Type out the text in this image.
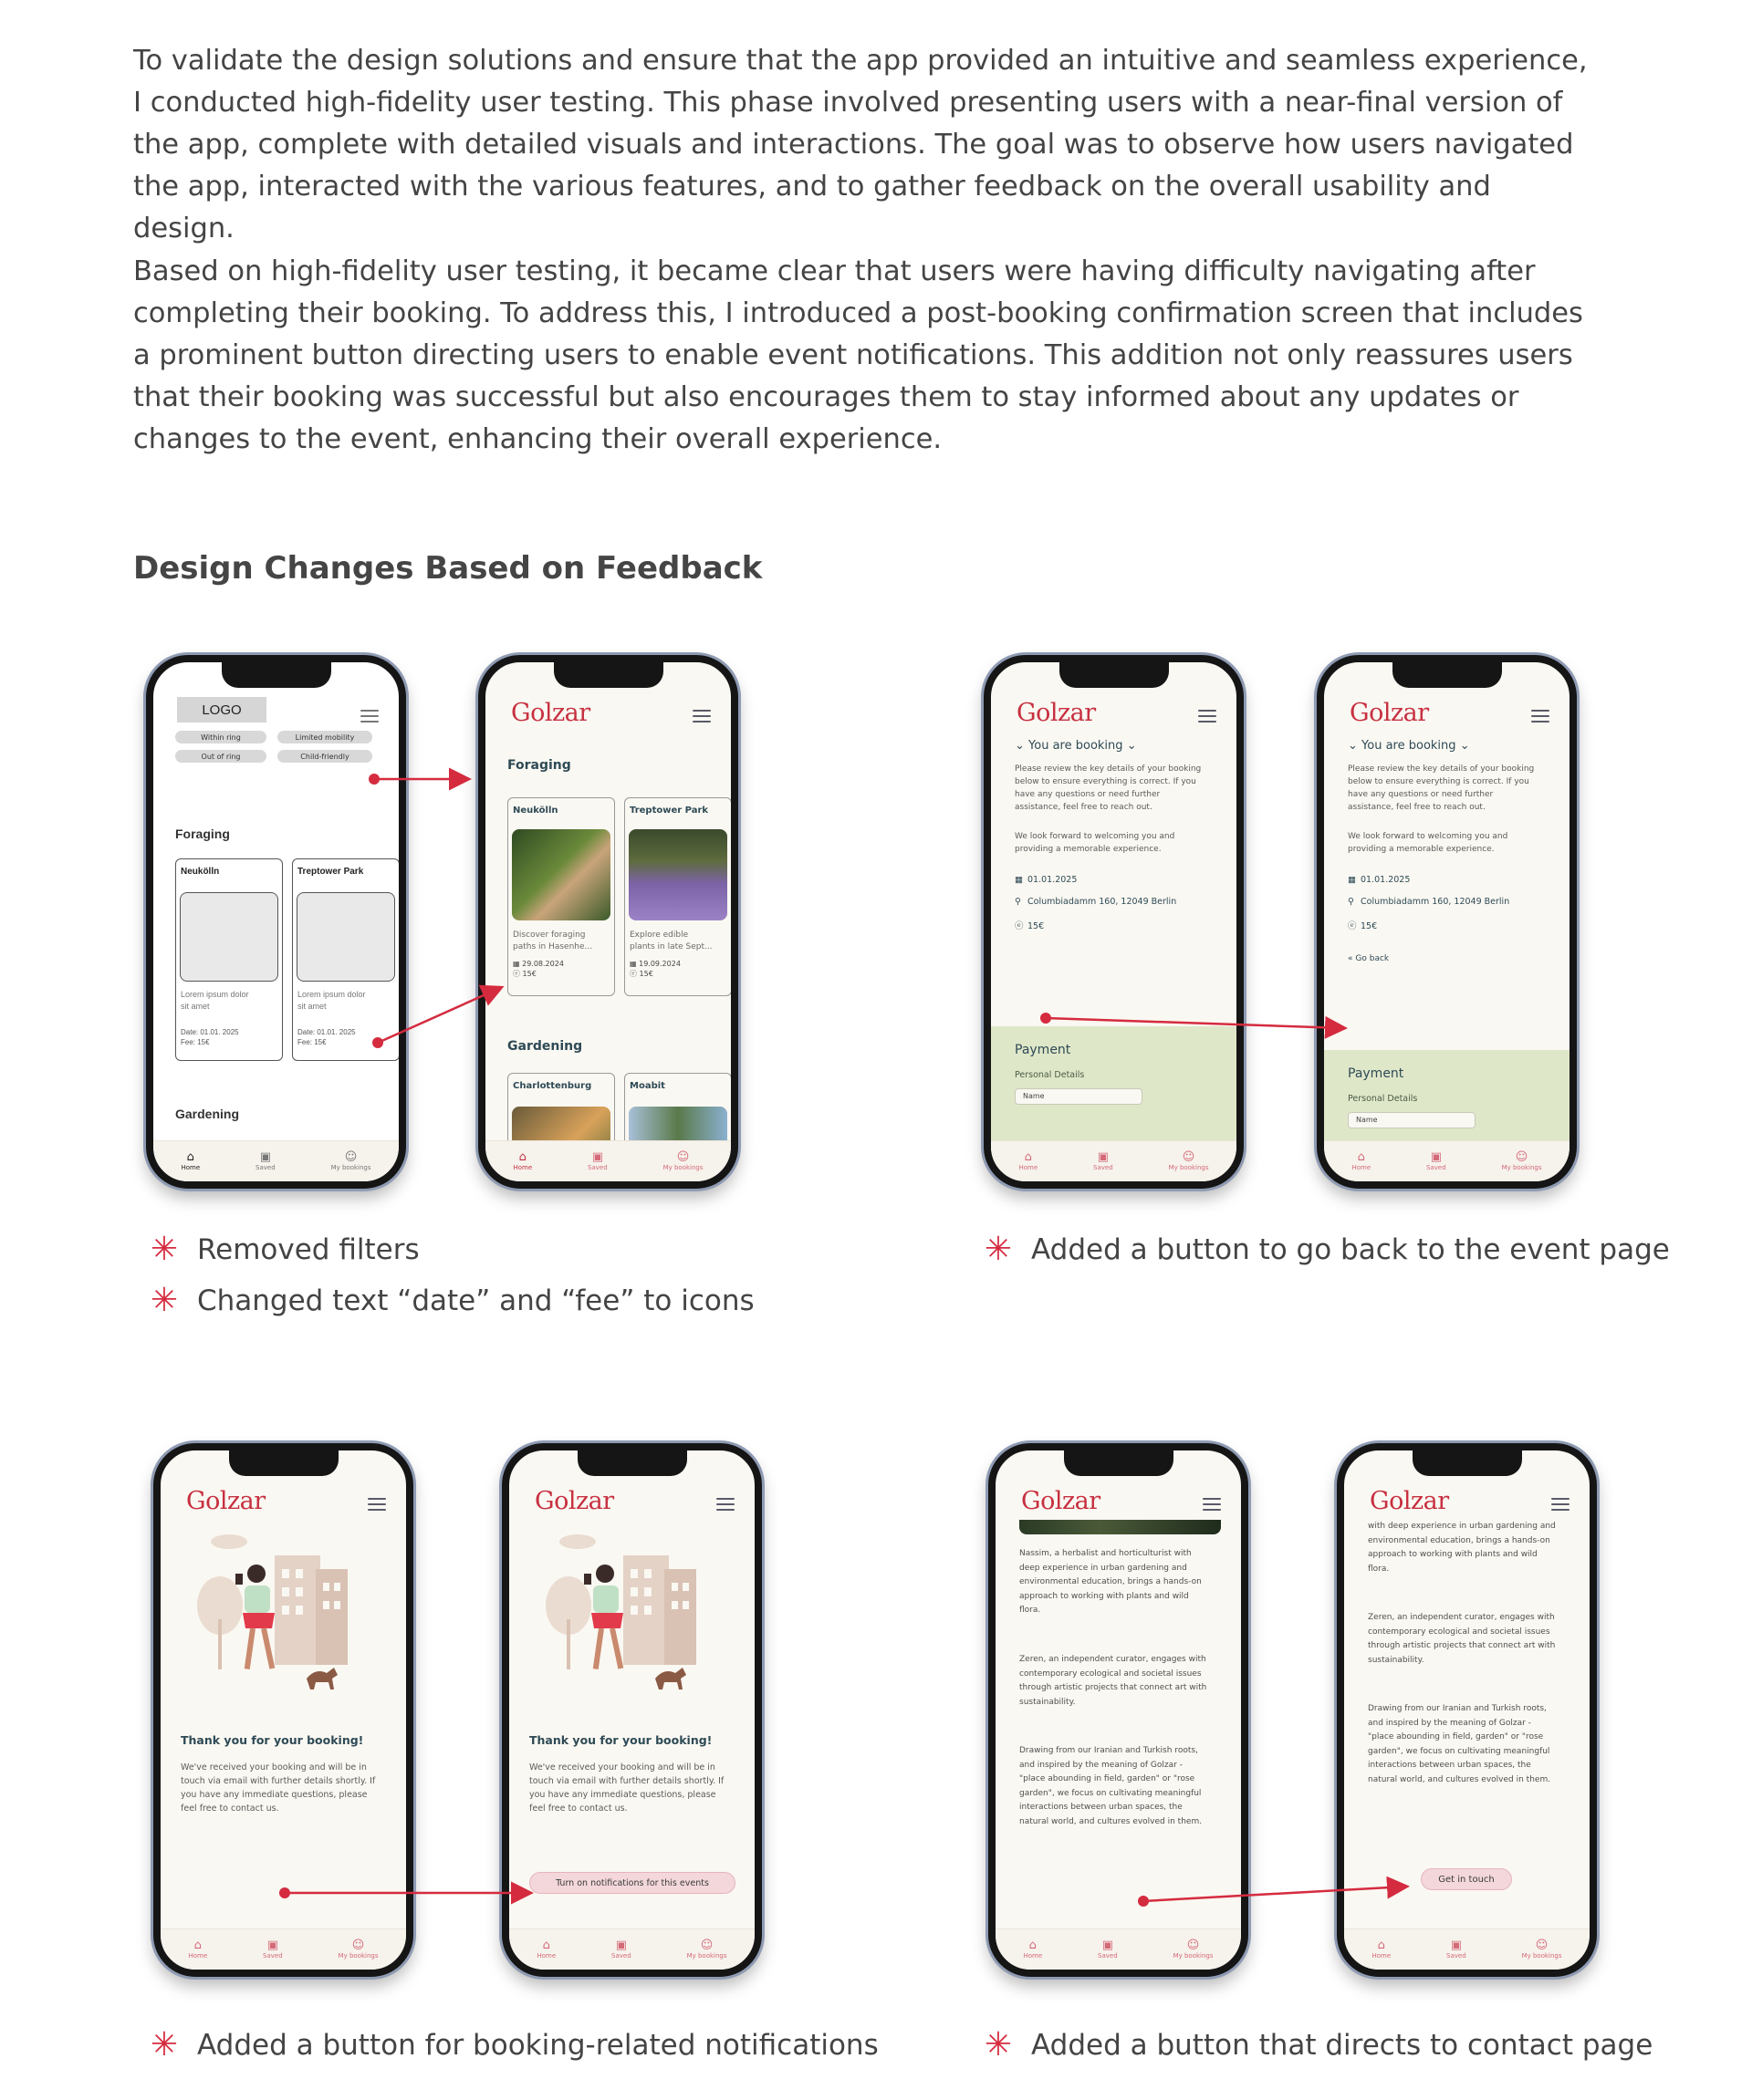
To validate the design solutions and ensure that the app provided an intuitive and seamless experience, I conducted high-fidelity user testing. This phase involved presenting users with a near-final version of the app, complete with detailed visuals and interactions. The goal was to observe how users navigated the app, interacted with the various features, and to gather feedback on the overall usability and design.

Based on high-fidelity user testing, it became clear that users were having difficulty navigating after completing their booking. To address this, I introduced a post-booking confirmation screen that includes a prominent button directing users to enable event notifications. This addition not only reassures users that their booking was successful but also encourages them to stay informed about any updates or changes to the event, enhancing their overall experience.

Design Changes Based on Feedback
LOGO
Within ring	Limited mobility
Out of ring	Child-friendly
Foraging
Neukölln
Lorem ipsum dolor
sit amet
Date: 01.01. 2025
Fee: 15€
Treptower Park
Lorem ipsum dolor
sit amet
Date: 01.01. 2025
Fee: 15€
Gardening
⌂
Home
▣
Saved
☺
My bookings
Golzar
Foraging
Neukölln
Discover foraging
paths in Hasenhe...
▦ 29.08.2024
ⓔ 15€
Treptower Park
Explore edible
plants in late Sept...
▦ 19.09.2024
ⓔ 15€
Gardening
Charlottenburg	Moabit
⌂
Home
▣
Saved
☺
My bookings
Golzar
⌄ You are booking ⌄

Please review the key details of your booking below to ensure everything is correct. If you have any questions or need further assistance, feel free to reach out.

We look forward to welcoming you and providing a memorable experience.

▦ 01.01.2025
⚲ Columbiadamm 160, 12049 Berlin
ⓔ 15€
Payment
Personal Details
Name
⌂
Home
▣
Saved
☺
My bookings
Golzar
⌄ You are booking ⌄

Please review the key details of your booking below to ensure everything is correct. If you have any questions or need further assistance, feel free to reach out.

We look forward to welcoming you and providing a memorable experience.

▦ 01.01.2025
⚲ Columbiadamm 160, 12049 Berlin
ⓔ 15€
« Go back
Payment
Personal Details
Name
⌂
Home
▣
Saved
☺
My bookings
Golzar
Thank you for your booking!

We've received your booking and will be in touch via email with further details shortly. If you have any immediate questions, please feel free to contact us.

⌂
Home
▣
Saved
☺
My bookings
Golzar
Thank you for your booking!

We've received your booking and will be in touch via email with further details shortly. If you have any immediate questions, please feel free to contact us.

Turn on notifications for this events
⌂
Home
▣
Saved
☺
My bookings
Golzar

Nassim, a herbalist and horticulturist with deep experience in urban gardening and environmental education, brings a hands-on approach to working with plants and wild flora.

Zeren, an independent curator, engages with contemporary ecological and societal issues through artistic projects that connect art with sustainability.

Drawing from our Iranian and Turkish roots, and inspired by the meaning of Golzar - "place abounding in field, garden" or "rose garden", we focus on cultivating meaningful interactions between urban spaces, the natural world, and cultures evolved in them.

⌂
Home
▣
Saved
☺
My bookings
Golzar

with deep experience in urban gardening and environmental education, brings a hands-on approach to working with plants and wild flora.

Zeren, an independent curator, engages with contemporary ecological and societal issues through artistic projects that connect art with sustainability.

Drawing from our Iranian and Turkish roots, and inspired by the meaning of Golzar - "place abounding in field, garden" or "rose garden", we focus on cultivating meaningful interactions between urban spaces, the natural world, and cultures evolved in them.

Get in touch
⌂
Home
▣
Saved
☺
My bookings
✳ Removed filters
✳ Changed text “date” and “fee” to icons
✳ Added a button to go back to the event page
✳ Added a button for booking-related notifications	✳ Added a button that directs to contact page
